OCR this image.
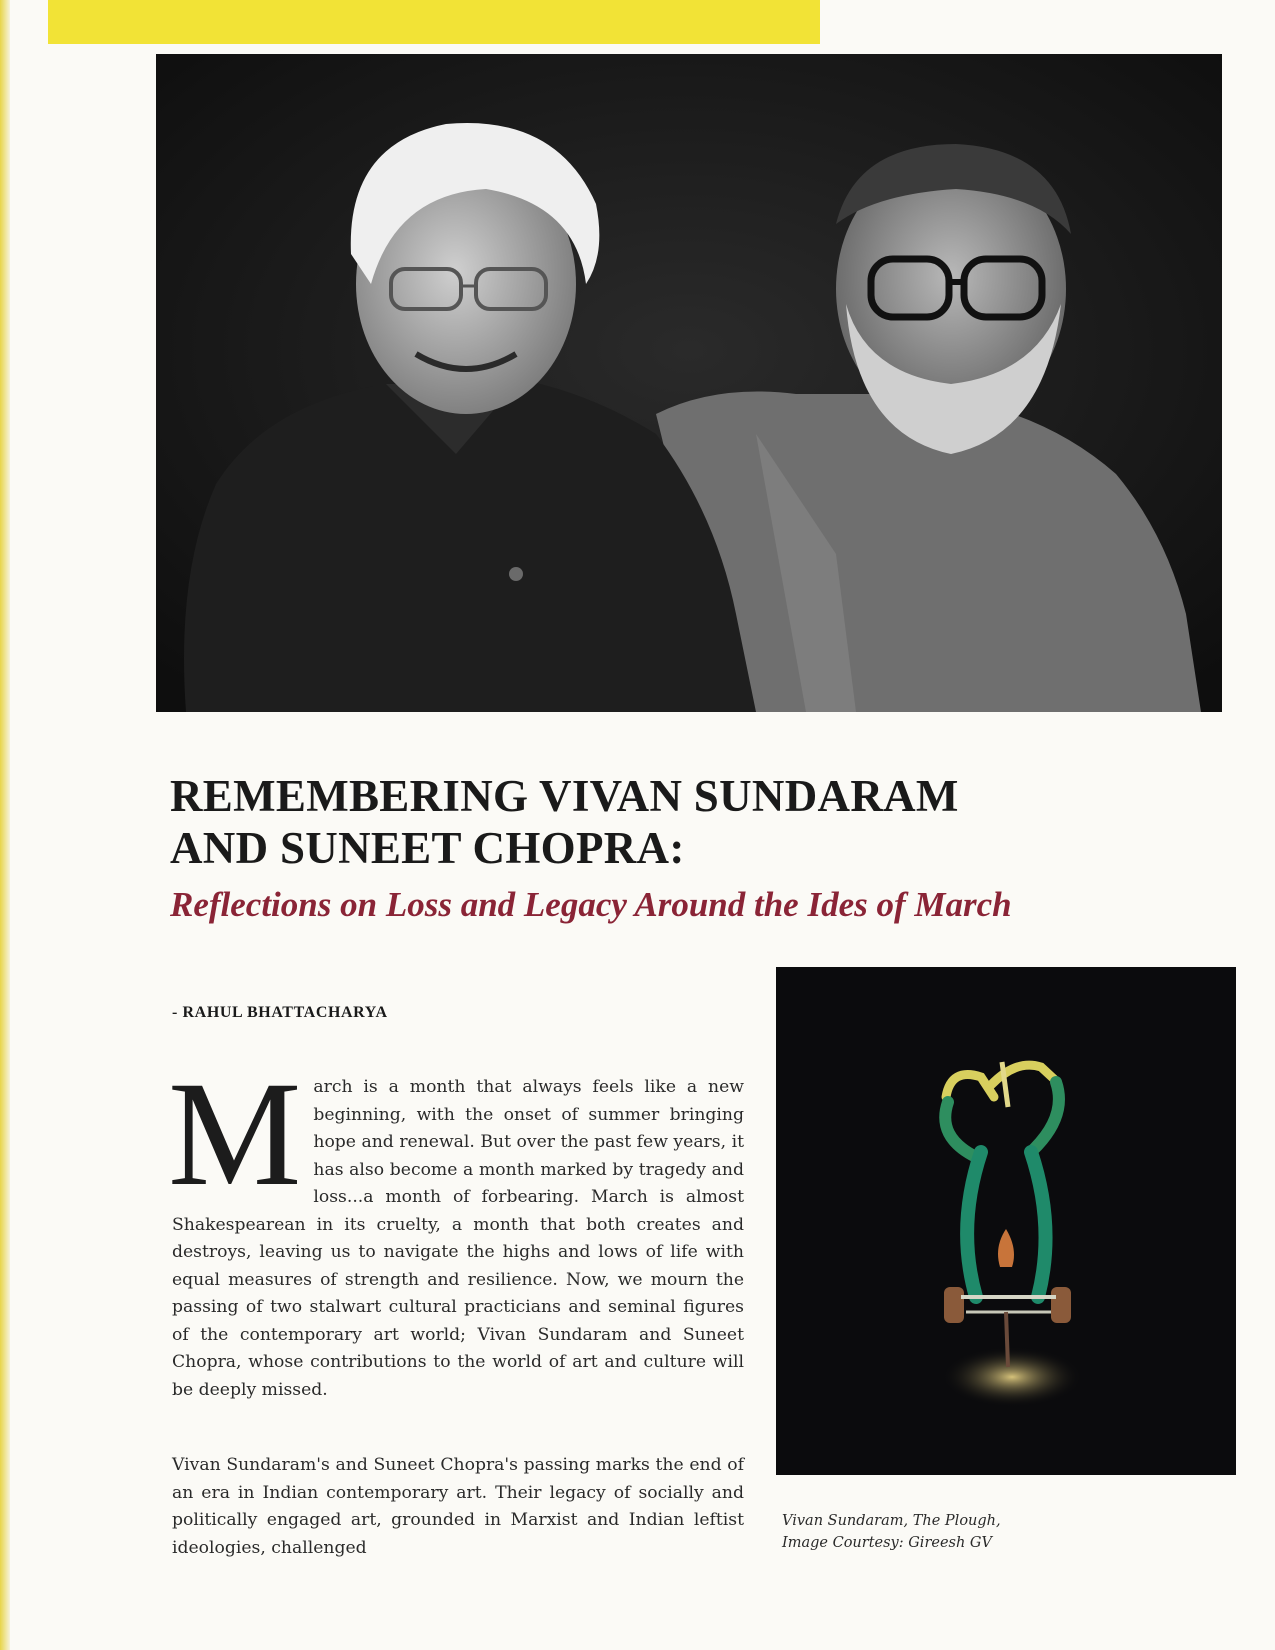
REMEMBERING VIVAN SUNDARAM
AND SUNEET CHOPRA:
Reflections on Loss and Legacy Around the Ides of March

- RAHUL BHATTACHARYA

March is a month that always feels like a new beginning, with the onset of summer bringing hope and renewal. But over the past few years, it has also become a month marked by tragedy and loss...a month of forbearing. March is almost Shakespearean in its cruelty, a month that both creates and destroys, leaving us to navigate the highs and lows of life with equal measures of strength and resilience. Now, we mourn the passing of two stalwart cultural practicians and seminal figures of the contemporary art world; Vivan Sundaram and Suneet Chopra, whose contributions to the world of art and culture will be deeply missed.

Vivan Sundaram's and Suneet Chopra's passing marks the end of an era in Indian contemporary art. Their legacy of socially and politically engaged art, grounded in Marxist and Indian leftist ideologies, challenged

Vivan Sundaram, The Plough,
Image Courtesy: Gireesh GV
